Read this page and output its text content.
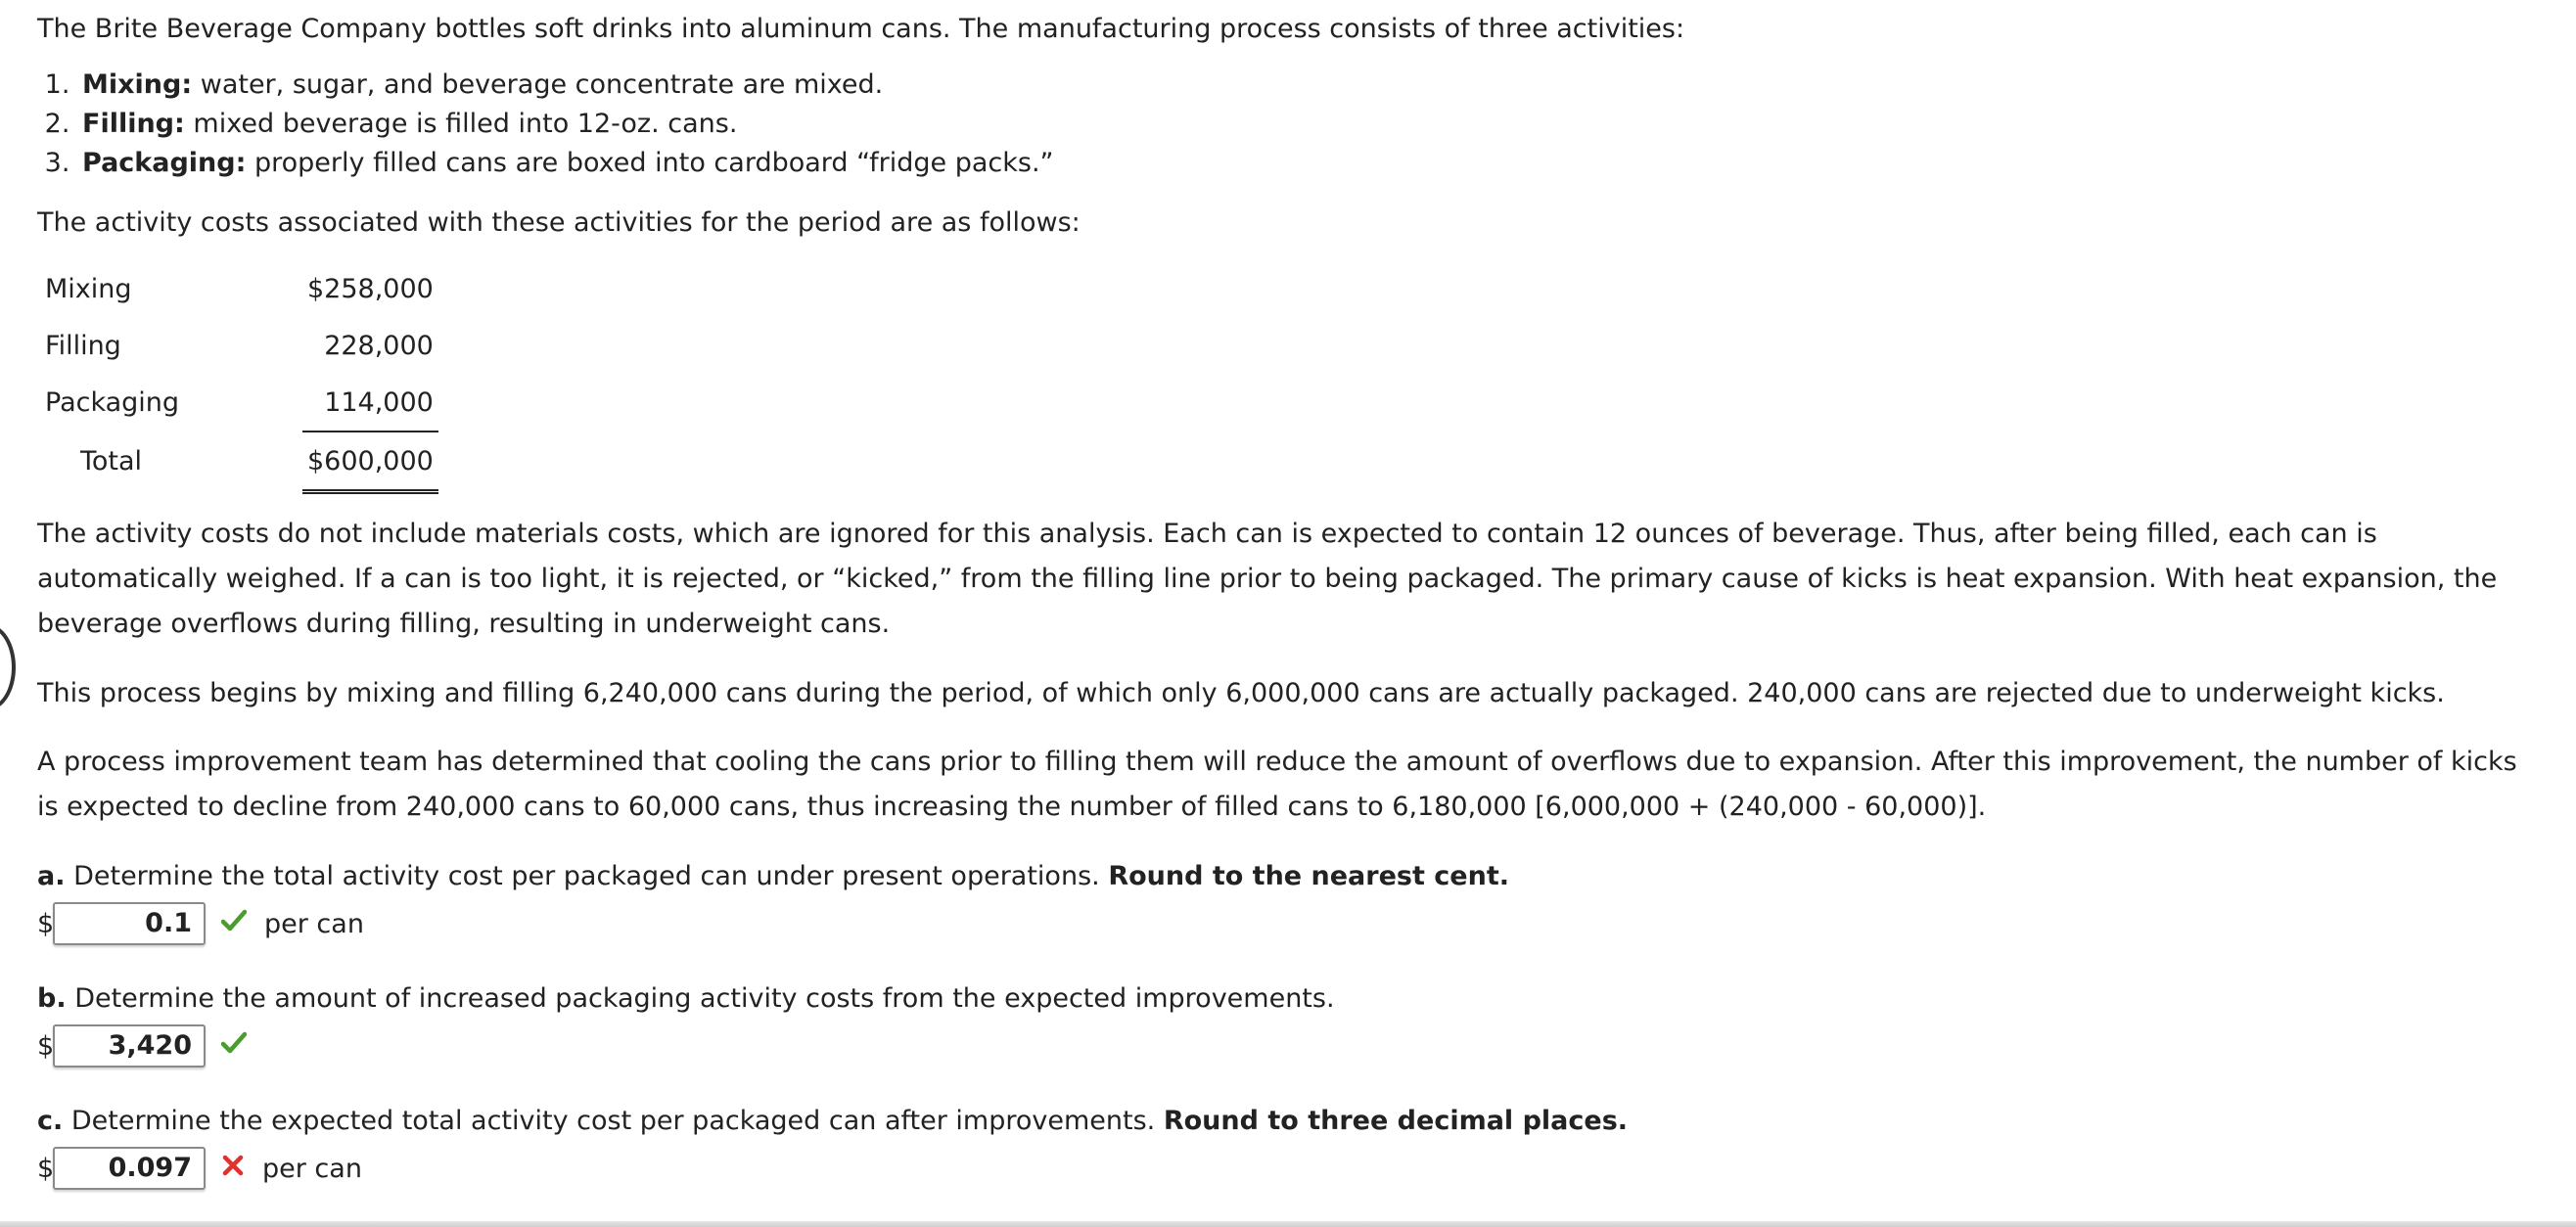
The Brite Beverage Company bottles soft drinks into aluminum cans. The manufacturing process consists of three activities:
1. Mixing: water, sugar, and beverage concentrate are mixed.
2. Filling: mixed beverage is filled into 12-oz. cans.
3. Packaging: properly filled cans are boxed into cardboard “fridge packs.”
The activity costs associated with these activities for the period are as follows:
Mixing	$258,000
Filling	228,000
Packaging	114,000
Total	$600,000

The activity costs do not include materials costs, which are ignored for this analysis. Each can is expected to contain 12 ounces of beverage. Thus, after being filled, each can is automatically weighed. If a can is too light, it is rejected, or “kicked,” from the filling line prior to being packaged. The primary cause of kicks is heat expansion. With heat expansion, the beverage overflows during filling, resulting in underweight cans.

This process begins by mixing and filling 6,240,000 cans during the period, of which only 6,000,000 cans are actually packaged. 240,000 cans are rejected due to underweight kicks.

A process improvement team has determined that cooling the cans prior to filling them will reduce the amount of overflows due to expansion. After this improvement, the number of kicks is expected to decline from 240,000 cans to 60,000 cans, thus increasing the number of filled cans to 6,180,000 [6,000,000 + (240,000 - 60,000)].

a. Determine the total activity cost per packaged can under present operations. Round to the nearest cent.
$	0.1	per can
b. Determine the amount of increased packaging activity costs from the expected improvements.
$	3,420
c. Determine the expected total activity cost per packaged can after improvements. Round to three decimal places.
$	0.097	per can
